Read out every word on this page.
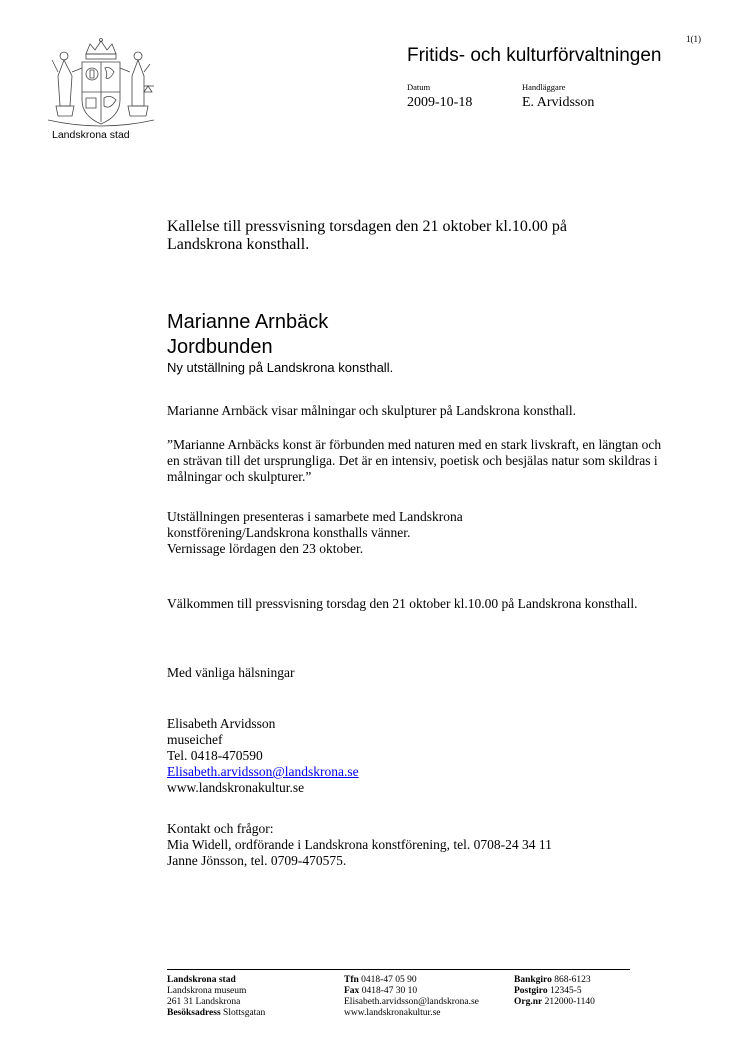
1(1)
Landskrona stad
Fritids- och kulturförvaltningen
Datum	Handläggare
2009-10-18	E. Arvidsson
Kallelse till pressvisning torsdagen den 21 oktober kl.10.00 på Landskrona konsthall.
Marianne Arnbäck
Jordbunden
Ny utställning på Landskrona konsthall.
Marianne Arnbäck visar målningar och skulpturer på Landskrona konsthall.
”Marianne Arnbäcks konst är förbunden med naturen med en stark livskraft, en längtan och en strävan till det ursprungliga. Det är en intensiv, poetisk och besjälas natur som skildras i målningar och skulpturer.”
Utställningen presenteras i samarbete med Landskrona
konstförening/Landskrona konsthalls vänner.
Vernissage lördagen den 23 oktober.
Välkommen till pressvisning torsdag den 21 oktober kl.10.00 på Landskrona konsthall.
Med vänliga hälsningar
Elisabeth Arvidsson
museichef
Tel. 0418-470590
Elisabeth.arvidsson@landskrona.se
www.landskronakultur.se
Kontakt och frågor:
Mia Widell, ordförande i Landskrona konstförening, tel. 0708-24 34 11
Janne Jönsson, tel. 0709-470575.
Landskrona stad
Landskrona museum
261 31 Landskrona
Besöksadress Slottsgatan
Tfn 0418-47 05 90
Fax 0418-47 30 10
Elisabeth.arvidsson@landskrona.se
www.landskronakultur.se
Bankgiro 868-6123
Postgiro 12345-5
Org.nr 212000-1140
